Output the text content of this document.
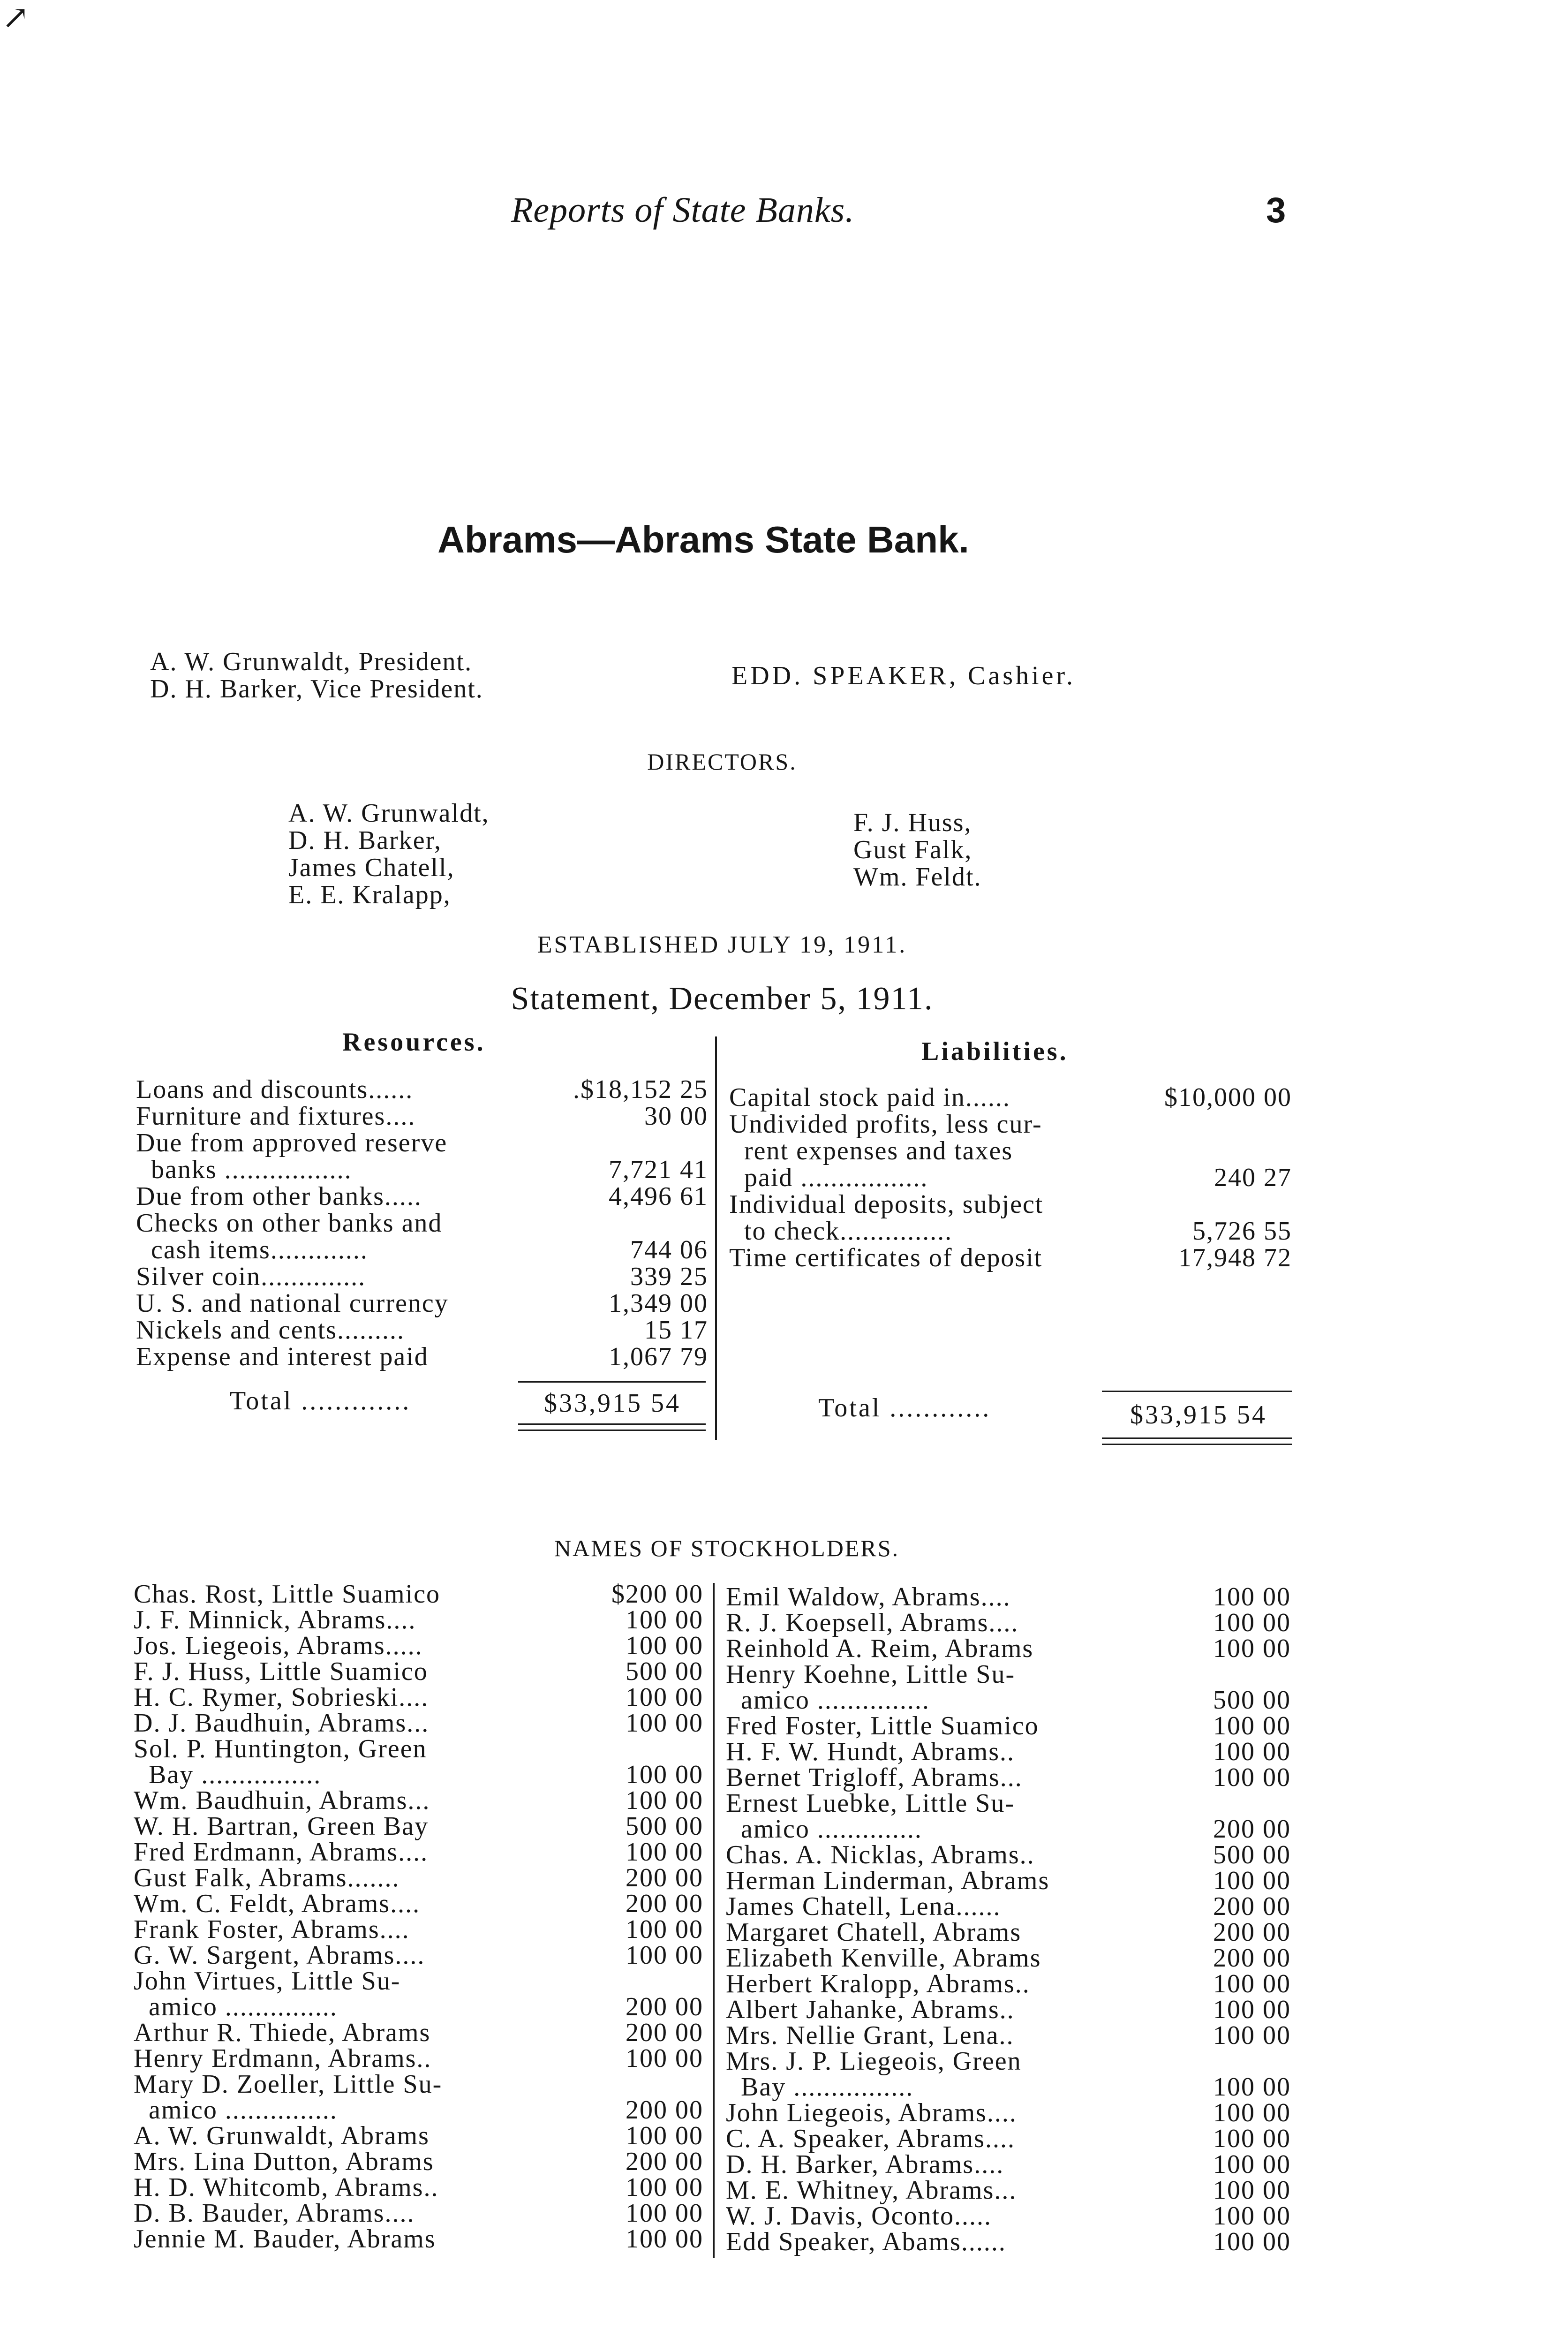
↗
Reports of State Banks.	3
Abrams—Abrams State Bank.
A. W. Grunwaldt, President.
D. H. Barker, Vice President.	EDD. SPEAKER, Cashier.
DIRECTORS.
A. W. Grunwaldt,
D. H. Barker,
James Chatell,
E. E. Kralapp,
F. J. Huss,
Gust Falk,
Wm. Feldt.
ESTABLISHED JULY 19, 1911.
Statement, December 5, 1911.
Resources.	Liabilities.
Loans and discounts......	.$18,152 25
Furniture and fixtures....	30 00
Due from approved reserve
banks .................	7,721 41
Due from other banks.....	4,496 61
Checks on other banks and
cash items.............	744 06
Silver coin..............	339 25
U. S. and national currency	1,349 00
Nickels and cents.........	15 17
Expense and interest paid	1,067 79
Total .............	$33,915 54
Capital stock paid in......	$10,000 00
Undivided profits, less cur-
rent expenses and taxes
paid .................	240 27
Individual deposits, subject
to check...............	5,726 55
Time certificates of deposit	17,948 72
Total ............	$33,915 54
NAMES OF STOCKHOLDERS.
Chas. Rost, Little Suamico	$200 00
J. F. Minnick, Abrams....	100 00
Jos. Liegeois, Abrams.....	100 00
F. J. Huss, Little Suamico	500 00
H. C. Rymer, Sobrieski....	100 00
D. J. Baudhuin, Abrams...	100 00
Sol. P. Huntington, Green
Bay ................	100 00
Wm. Baudhuin, Abrams...	100 00
W. H. Bartran, Green Bay	500 00
Fred Erdmann, Abrams....	100 00
Gust Falk, Abrams.......	200 00
Wm. C. Feldt, Abrams....	200 00
Frank Foster, Abrams....	100 00
G. W. Sargent, Abrams....	100 00
John Virtues, Little Su-
amico ...............	200 00
Arthur R. Thiede, Abrams	200 00
Henry Erdmann, Abrams..	100 00
Mary D. Zoeller, Little Su-
amico ...............	200 00
A. W. Grunwaldt, Abrams	100 00
Mrs. Lina Dutton, Abrams	200 00
H. D. Whitcomb, Abrams..	100 00
D. B. Bauder, Abrams....	100 00
Jennie M. Bauder, Abrams	100 00
Emil Waldow, Abrams....	100 00
R. J. Koepsell, Abrams....	100 00
Reinhold A. Reim, Abrams	100 00
Henry Koehne, Little Su-
amico ...............	500 00
Fred Foster, Little Suamico	100 00
H. F. W. Hundt, Abrams..	100 00
Bernet Trigloff, Abrams...	100 00
Ernest Luebke, Little Su-
amico ..............	200 00
Chas. A. Nicklas, Abrams..	500 00
Herman Linderman, Abrams	100 00
James Chatell, Lena......	200 00
Margaret Chatell, Abrams	200 00
Elizabeth Kenville, Abrams	200 00
Herbert Kralopp, Abrams..	100 00
Albert Jahanke, Abrams..	100 00
Mrs. Nellie Grant, Lena..	100 00
Mrs. J. P. Liegeois, Green
Bay ................	100 00
John Liegeois, Abrams....	100 00
C. A. Speaker, Abrams....	100 00
D. H. Barker, Abrams....	100 00
M. E. Whitney, Abrams...	100 00
W. J. Davis, Oconto.....	100 00
Edd Speaker, Abams......	100 00
